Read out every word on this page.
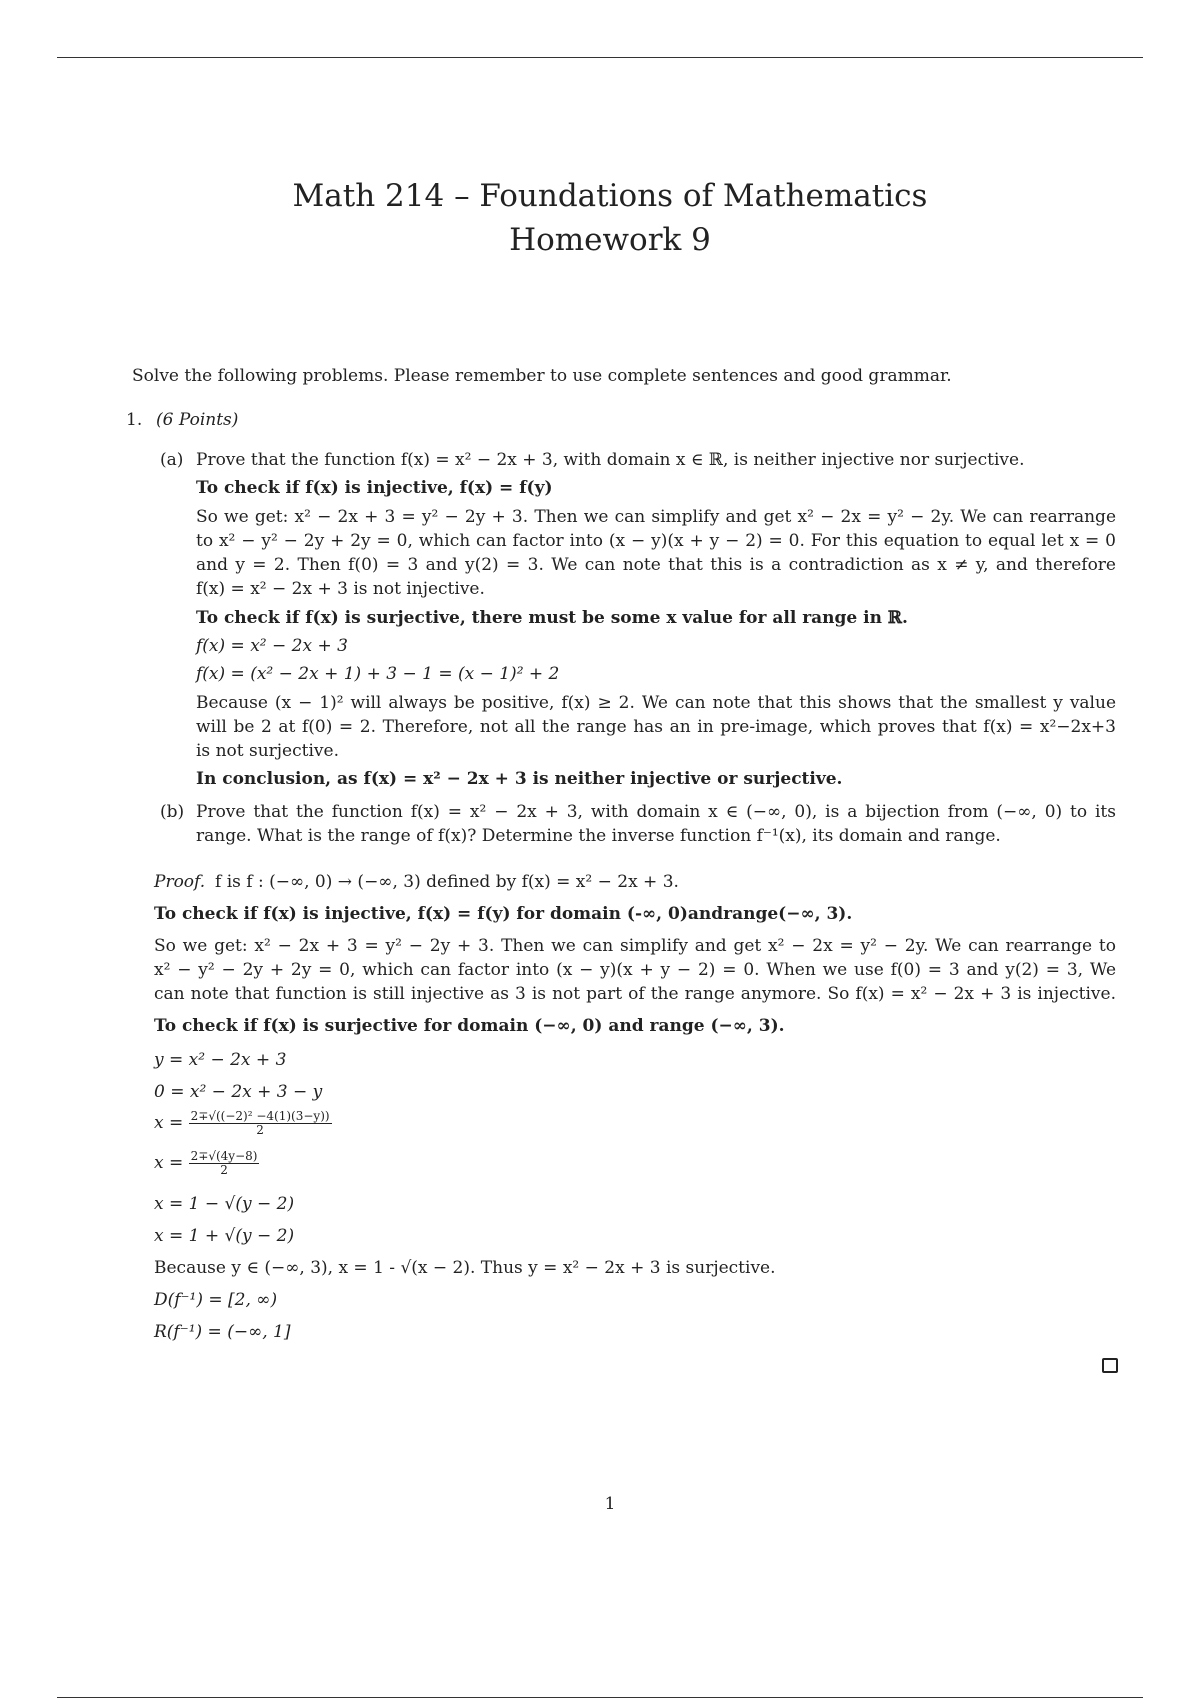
Math 214 – Foundations of Mathematics
Homework 9
Solve the following problems. Please remember to use complete sentences and good grammar.
1. (6 Points)
(a) Prove that the function f(x) = x² − 2x + 3, with domain x ∈ ℝ, is neither injective nor surjective.
To check if f(x) is injective, f(x) = f(y)
So we get: x² − 2x + 3 = y² − 2y + 3. Then we can simplify and get x² − 2x = y² − 2y. We can rearrange
to x² − y² − 2y + 2y = 0, which can factor into (x − y)(x + y − 2) = 0. For this equation to equal let x = 0
and y = 2. Then f(0) = 3 and y(2) = 3. We can note that this is a contradiction as x ≠ y, and therefore
f(x) = x² − 2x + 3 is not injective.
To check if f(x) is surjective, there must be some x value for all range in ℝ.
f(x) = x² − 2x + 3
f(x) = (x² − 2x + 1) + 3 − 1 = (x − 1)² + 2
Because (x − 1)² will always be positive, f(x) ≥ 2. We can note that this shows that the smallest y value
will be 2 at f(0) = 2. Therefore, not all the range has an in pre-image, which proves that f(x) = x²−2x+3
is not surjective.
In conclusion, as f(x) = x² − 2x + 3 is neither injective or surjective.
(b) Prove that the function f(x) = x² − 2x + 3, with domain x ∈ (−∞, 0), is a bijection from (−∞, 0) to its
range. What is the range of f(x)? Determine the inverse function f⁻¹(x), its domain and range.
Proof. f is f : (−∞, 0) → (−∞, 3) defined by f(x) = x² − 2x + 3.
To check if f(x) is injective, f(x) = f(y) for domain (-∞, 0)andrange(−∞, 3).
So we get: x² − 2x + 3 = y² − 2y + 3. Then we can simplify and get x² − 2x = y² − 2y. We can rearrange to
x² − y² − 2y + 2y = 0, which can factor into (x − y)(x + y − 2) = 0. When we use f(0) = 3 and y(2) = 3, We
can note that function is still injective as 3 is not part of the range anymore. So f(x) = x² − 2x + 3 is injective.
To check if f(x) is surjective for domain (−∞, 0) and range (−∞, 3).
y = x² − 2x + 3
0 = x² − 2x + 3 − y
$x = \frac{\text{2∓√((−2)² −4(1)(3−y))}}{2}$
$x = \frac{2\mp√(4y-8)}{2}$
x = 1 − √(y − 2)
x = 1 + √(y − 2)
Because y ∈ (−∞, 3), x = 1 - √(x − 2). Thus y = x² − 2x + 3 is surjective.
D(f⁻¹) = [2, ∞)
R(f⁻¹) = (−∞, 1]
1
